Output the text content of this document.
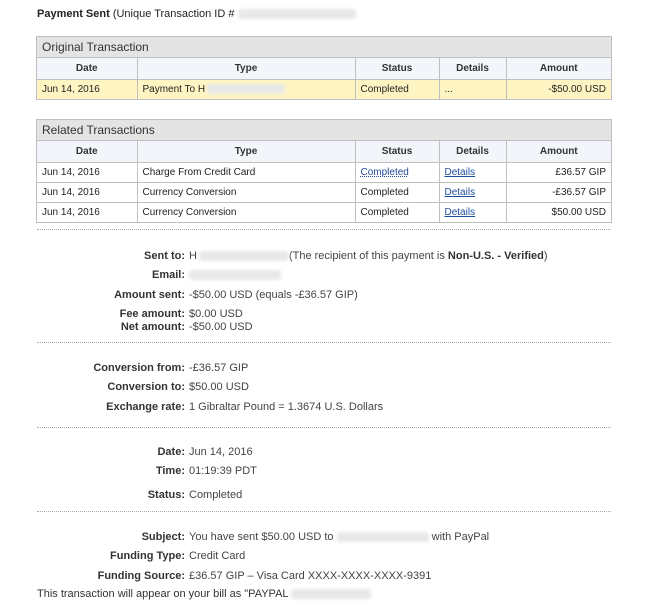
Payment Sent (Unique Transaction ID #
Original Transaction
Date	Type	Status	Details	Amount
Jun 14, 2016	Payment To H	Completed	...	-$50.00 USD
Related Transactions
Date	Type	Status	Details	Amount
Jun 14, 2016	Charge From Credit Card	Completed	Details	£36.57 GIP
Jun 14, 2016	Currency Conversion	Completed	Details	-£36.57 GIP
Jun 14, 2016	Currency Conversion	Completed	Details	$50.00 USD
Sent to: H	(The recipient of this payment is Non-U.S. - Verified)
Email:
Amount sent: -$50.00 USD (equals -£36.57 GIP)
Fee amount: $0.00 USD
Net amount: -$50.00 USD
Conversion from: -£36.57 GIP
Conversion to: $50.00 USD
Exchange rate: 1 Gibraltar Pound = 1.3674 U.S. Dollars
Date: Jun 14, 2016
Time: 01:19:39 PDT
Status: Completed
Subject: You have sent $50.00 USD to	with PayPal
Funding Type: Credit Card
Funding Source: £36.57 GIP – Visa Card XXXX-XXXX-XXXX-9391
This transaction will appear on your bill as "PAYPAL
